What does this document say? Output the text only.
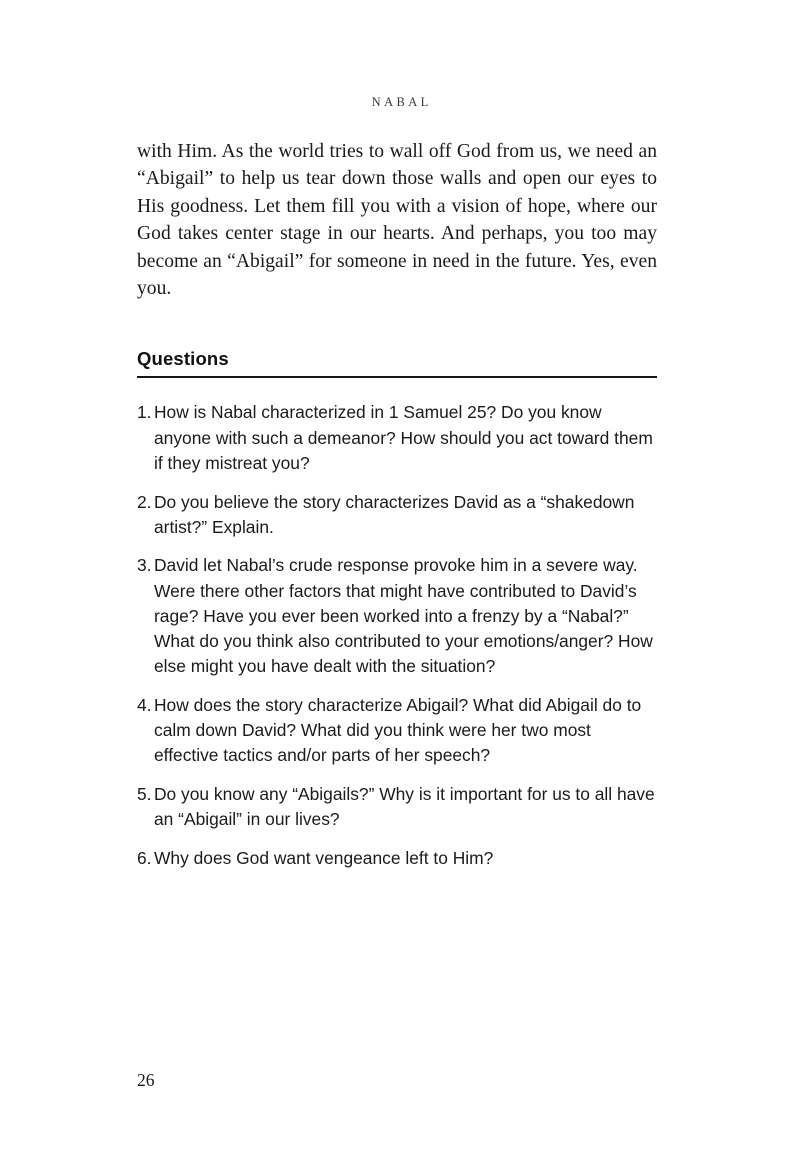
NABAL

with Him. As the world tries to wall off God from us, we need an “Abigail” to help us tear down those walls and open our eyes to His goodness. Let them fill you with a vision of hope, where our God takes center stage in our hearts. And perhaps, you too may become an “Abigail” for someone in need in the future. Yes, even you.

Questions
1. How is Nabal characterized in 1 Samuel 25? Do you know anyone with such a demeanor? How should you act toward them if they mistreat you?
2. Do you believe the story characterizes David as a “shakedown artist?” Explain.
3. David let Nabal’s crude response provoke him in a severe way. Were there other factors that might have contributed to David’s rage? Have you ever been worked into a frenzy by a “Nabal?” What do you think also contributed to your emotions/anger? How else might you have dealt with the situation?
4. How does the story characterize Abigail? What did Abigail do to calm down David? What did you think were her two most effective tactics and/or parts of her speech?
5. Do you know any “Abigails?” Why is it important for us to all have an “Abigail” in our lives?
6. Why does God want vengeance left to Him?
26
